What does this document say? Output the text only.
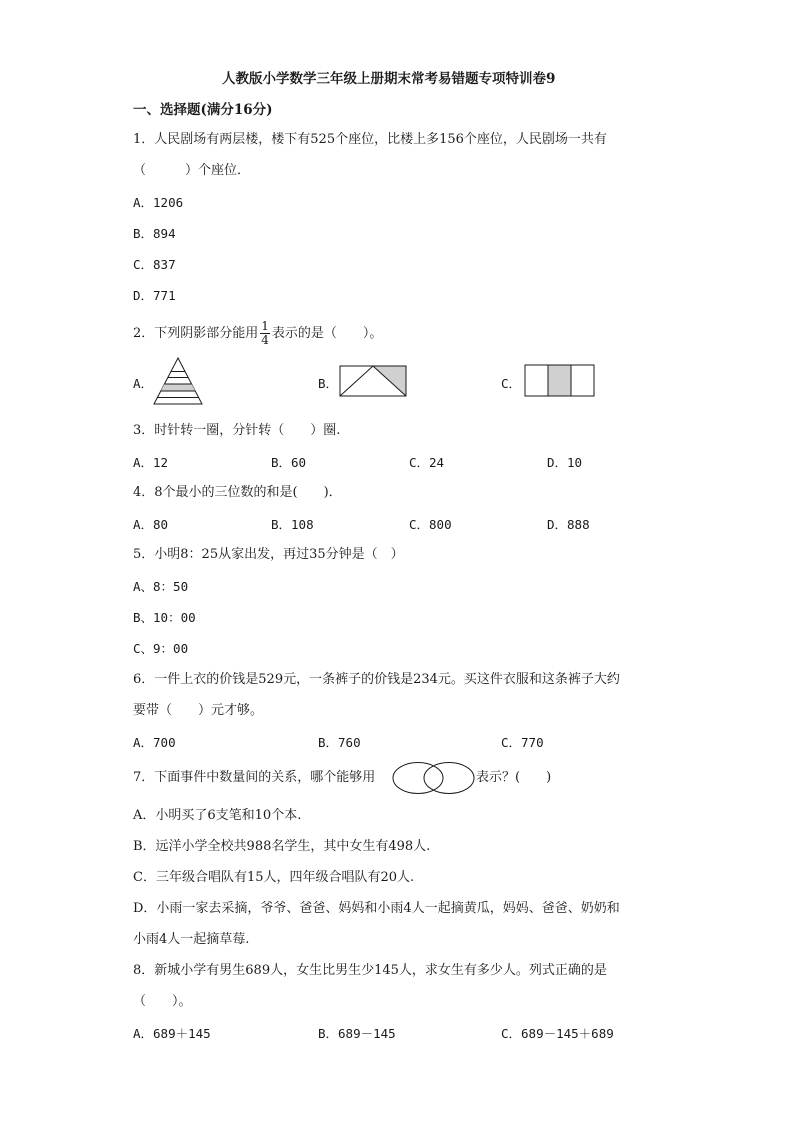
人教版小学数学三年级上册期末常考易错题专项特训卷9
一、选择题(满分16分)
1．人民剧场有两层楼，楼下有525个座位，比楼上多156个座位，人民剧场一共有
（　　　）个座位．
A．1206
B．894
C．837
D．771
2．下列阴影部分能用 $\frac{1}{4}$ 表示的是（　　）。
A．	B．	C．
3．时针转一圈，分针转（　　）圈.
A．12	B．60	C．24	D．10
4．8个最小的三位数的和是(　　)．
A．80	B．108	C．800	D．888
5．小明8：25从家出发，再过35分钟是（　）
A、8：50
B、10：00
C、9：00
6．一件上衣的价钱是529元，一条裤子的价钱是234元。买这件衣服和这条裤子大约
要带（　　）元才够。
A．700	B．760	C．770
7．下面事件中数量间的关系，哪个能够用	表示？(　　)
A．小明买了6支笔和10个本.
B．远洋小学全校共988名学生，其中女生有498人.
C．三年级合唱队有15人，四年级合唱队有20人.
D．小雨一家去采摘，爷爷、爸爸、妈妈和小雨4人一起摘黄瓜，妈妈、爸爸、奶奶和
小雨4人一起摘草莓.
8．新城小学有男生689人，女生比男生少145人，求女生有多少人。列式正确的是
（　　）。
A．689＋145	B．689－145	C．689－145＋689
